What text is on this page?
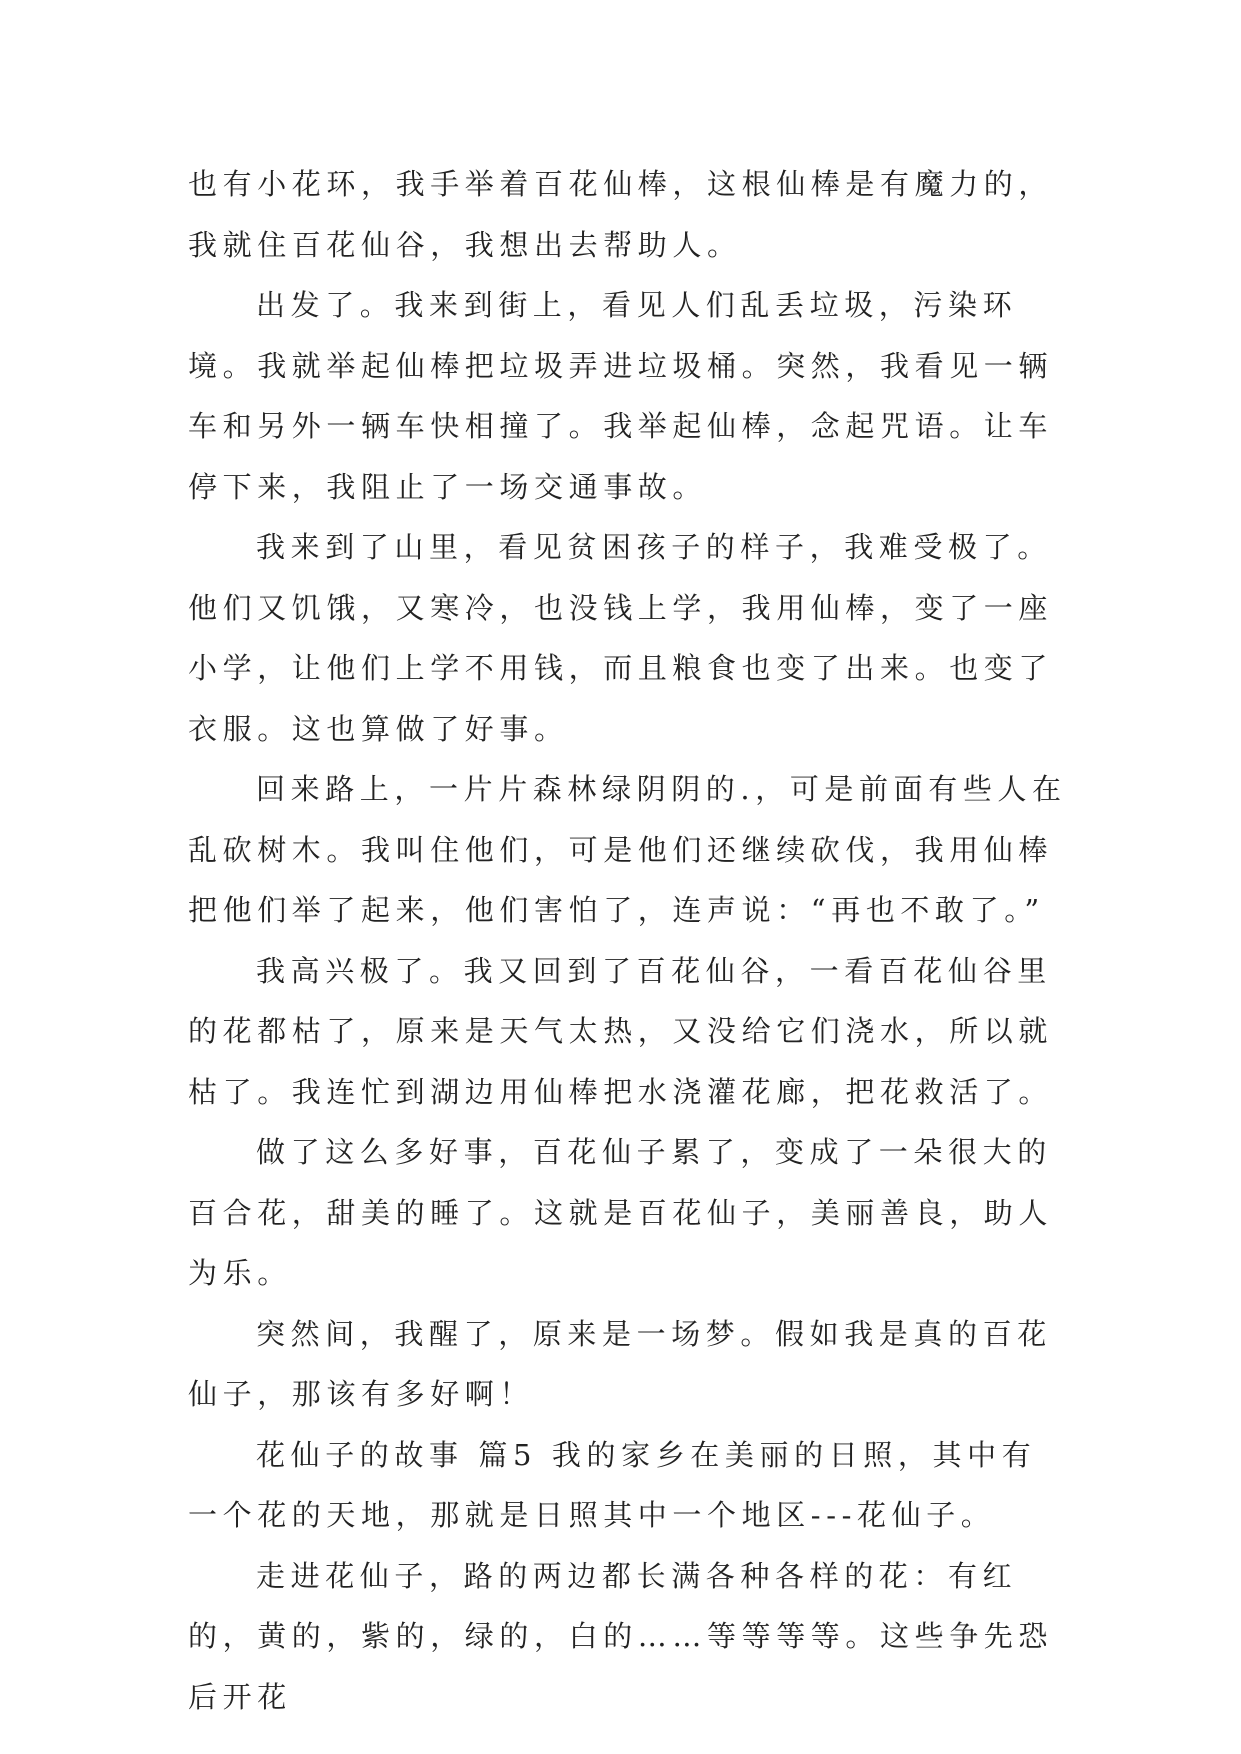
也有小花环，我手举着百花仙棒，这根仙棒是有魔力的，我就住百花仙谷，我想出去帮助人。

出发了。我来到街上，看见人们乱丢垃圾，污染环境。我就举起仙棒把垃圾弄进垃圾桶。突然，我看见一辆车和另外一辆车快相撞了。我举起仙棒，念起咒语。让车停下来，我阻止了一场交通事故。

我来到了山里，看见贫困孩子的样子，我难受极了。他们又饥饿，又寒冷，也没钱上学，我用仙棒，变了一座小学，让他们上学不用钱，而且粮食也变了出来。也变了衣服。这也算做了好事。

回来路上，一片片森林绿阴阴的.，可是前面有些人在乱砍树木。我叫住他们，可是他们还继续砍伐，我用仙棒把他们举了起来，他们害怕了，连声说：“再也不敢了。”

我高兴极了。我又回到了百花仙谷，一看百花仙谷里的花都枯了，原来是天气太热，又没给它们浇水，所以就枯了。我连忙到湖边用仙棒把水浇灌花廊，把花救活了。

做了这么多好事，百花仙子累了，变成了一朵很大的百合花，甜美的睡了。这就是百花仙子，美丽善良，助人为乐。

突然间，我醒了，原来是一场梦。假如我是真的百花仙子，那该有多好啊！

花仙子的故事 篇5 我的家乡在美丽的日照，其中有一个花的天地，那就是日照其中一个地区---花仙子。

走进花仙子，路的两边都长满各种各样的花：有红的，黄的，紫的，绿的，白的……等等等等。这些争先恐后开花
